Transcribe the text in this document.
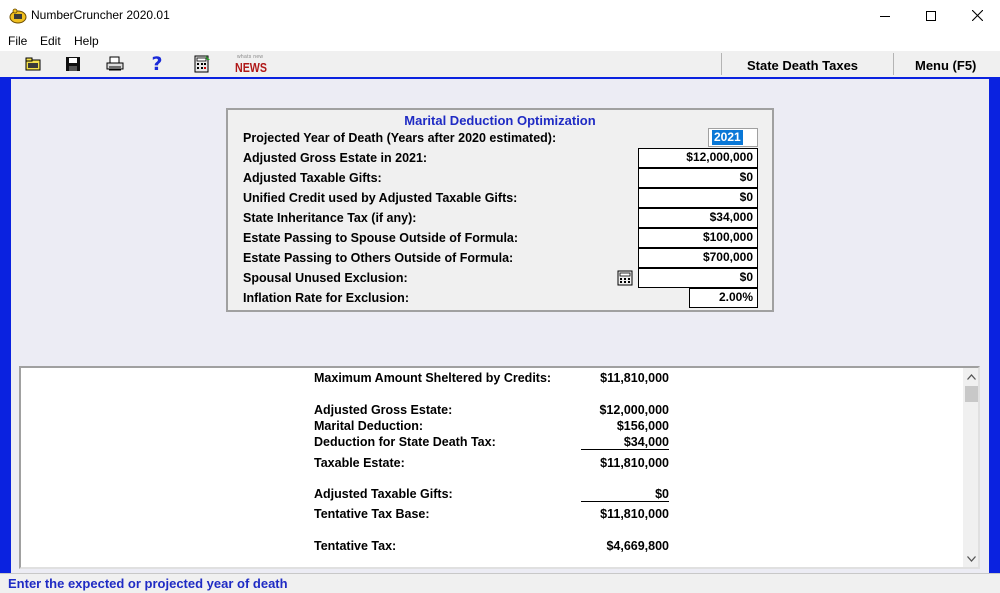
NumberCruncher 2020.01
File Edit Help
?	whats new
NEWS	State Death Taxes	Menu (F5)
Marital Deduction Optimization
Projected Year of Death (Years after 2020 estimated):	2021
Adjusted Gross Estate in 2021:	$12,000,000
Adjusted Taxable Gifts:	$0
Unified Credit used by Adjusted Taxable Gifts:	$0
State Inheritance Tax (if any):	$34,000
Estate Passing to Spouse Outside of Formula:	$100,000
Estate Passing to Others Outside of Formula:	$700,000
Spousal Unused Exclusion:	$0
Inflation Rate for Exclusion:	2.00%
Maximum Amount Sheltered by Credits:	$11,810,000
Adjusted Gross Estate:	$12,000,000
Marital Deduction:	$156,000
Deduction for State Death Tax:	$34,000
Taxable Estate:	$11,810,000
Adjusted Taxable Gifts:	$0
Tentative Tax Base:	$11,810,000
Tentative Tax:	$4,669,800
Enter the expected or projected year of death
